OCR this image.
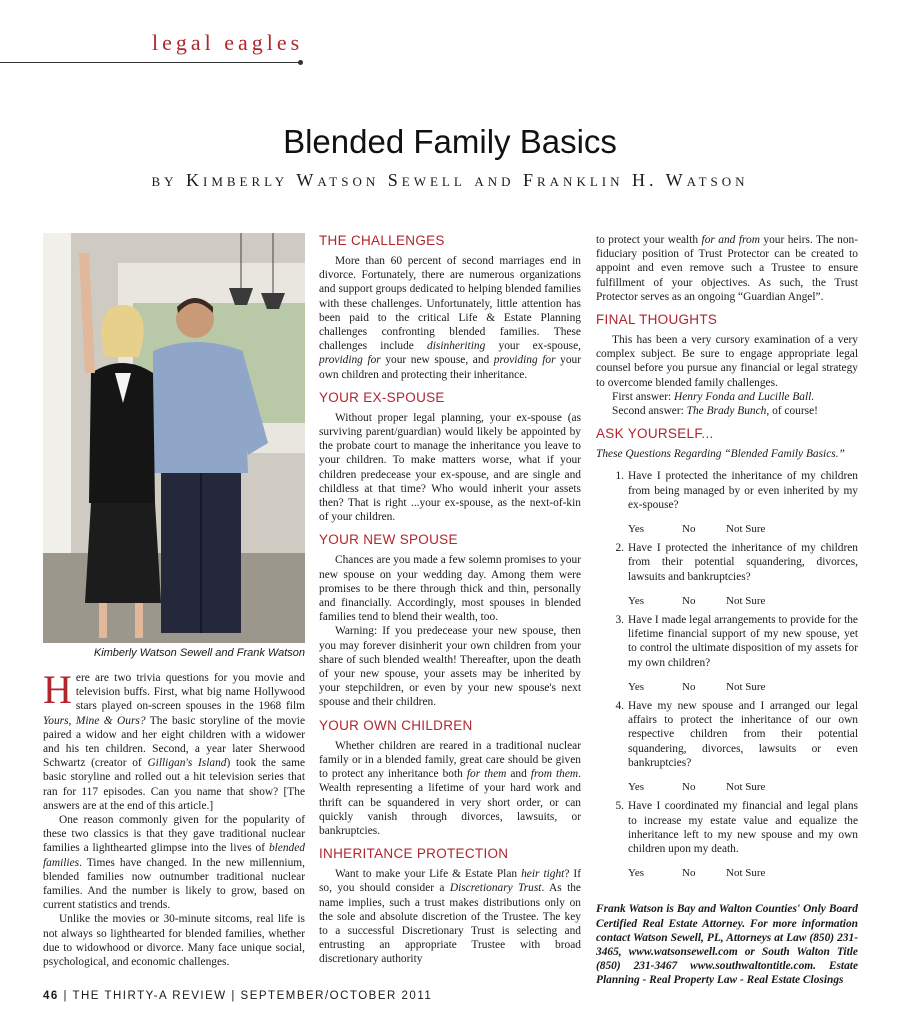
legal eagles
Blended Family Basics
by Kimberly Watson Sewell and Franklin H. Watson
Kimberly Watson Sewell and Frank Watson

Here are two trivia questions for you movie and television buffs. First, what big name Hollywood stars played on-screen spouses in the 1968 film Yours, Mine & Ours? The basic storyline of the movie paired a widow and her eight children with a widower and his ten children. Second, a year later Sherwood Schwartz (creator of Gilligan's Island) took the same basic storyline and rolled out a hit television series that ran for 117 episodes. Can you name that show? [The answers are at the end of this article.]

One reason commonly given for the popularity of these two classics is that they gave traditional nuclear families a lighthearted glimpse into the lives of blended families. Times have changed. In the new millennium, blended families now outnumber traditional nuclear families. And the number is likely to grow, based on current statistics and trends.

Unlike the movies or 30-minute sitcoms, real life is not always so lighthearted for blended families, whether due to widowhood or divorce. Many face unique social, psychological, and economic challenges.

THE CHALLENGES

More than 60 percent of second marriages end in divorce. Fortunately, there are numerous organizations and support groups dedicated to helping blended families with these challenges. Unfortunately, little attention has been paid to the critical Life & Estate Planning challenges confronting blended families. These challenges include disinheriting your ex-spouse, providing for your new spouse, and providing for your own children and protecting their inheritance.

YOUR EX-SPOUSE

Without proper legal planning, your ex-spouse (as surviving parent/guardian) would likely be appointed by the probate court to manage the inheritance you leave to your children. To make matters worse, what if your children predecease your ex-spouse, and are single and childless at that time? Who would inherit your assets then? That is right ...your ex-spouse, as the next-of-kin of your children.

YOUR NEW SPOUSE

Chances are you made a few solemn promises to your new spouse on your wedding day. Among them were promises to be there through thick and thin, personally and financially. Accordingly, most spouses in blended families tend to blend their wealth, too.

Warning: If you predecease your new spouse, then you may forever disinherit your own children from your share of such blended wealth! Thereafter, upon the death of your new spouse, your assets may be inherited by your stepchildren, or even by your new spouse's next spouse and their children.

YOUR OWN CHILDREN

Whether children are reared in a traditional nuclear family or in a blended family, great care should be given to protect any inheritance both for them and from them. Wealth representing a lifetime of your hard work and thrift can be squandered in very short order, or can quickly vanish through divorces, lawsuits, or bankruptcies.

INHERITANCE PROTECTION

Want to make your Life & Estate Plan heir tight? If so, you should consider a Discretionary Trust. As the name implies, such a trust makes distributions only on the sole and absolute discretion of the Trustee. The key to a successful Discretionary Trust is selecting and entrusting an appropriate Trustee with broad discretionary authority

to protect your wealth for and from your heirs. The non-fiduciary position of Trust Protector can be created to appoint and even remove such a Trustee to ensure fulfillment of your objectives. As such, the Trust Protector serves as an ongoing “Guardian Angel”.

FINAL THOUGHTS

This has been a very cursory examination of a very complex subject. Be sure to engage appropriate legal counsel before you pursue any financial or legal strategy to overcome blended family challenges.

First answer: Henry Fonda and Lucille Ball.

Second answer: The Brady Bunch, of course!

ASK YOURSELF...
These Questions Regarding “Blended Family Basics.”
1. Have I protected the inheritance of my children from being managed by or even inherited by my ex-spouse?
Yes	No	Not Sure
2. Have I protected the inheritance of my children from their potential squandering, divorces, lawsuits and bankruptcies?
Yes	No	Not Sure
3. Have I made legal arrangements to provide for the lifetime financial support of my new spouse, yet to control the ultimate disposition of my assets for my own children?
Yes	No	Not Sure
4. Have my new spouse and I arranged our legal affairs to protect the inheritance of our own respective children from their potential squandering, divorces, lawsuits or even bankruptcies?
Yes	No	Not Sure
5. Have I coordinated my financial and legal plans to increase my estate value and equalize the inheritance left to my new spouse and my own children upon my death.
Yes	No	Not Sure
Frank Watson is Bay and Walton Counties' Only Board Certified Real Estate Attorney. For more information contact Watson Sewell, PL, Attorneys at Law (850) 231-3465, www.watsonsewell.com or South Walton Title (850) 231-3467 www.southwaltontitle.com. Estate Planning - Real Property Law - Real Estate Closings
46 | THE THIRTY-A REVIEW | SEPTEMBER/OCTOBER 2011
